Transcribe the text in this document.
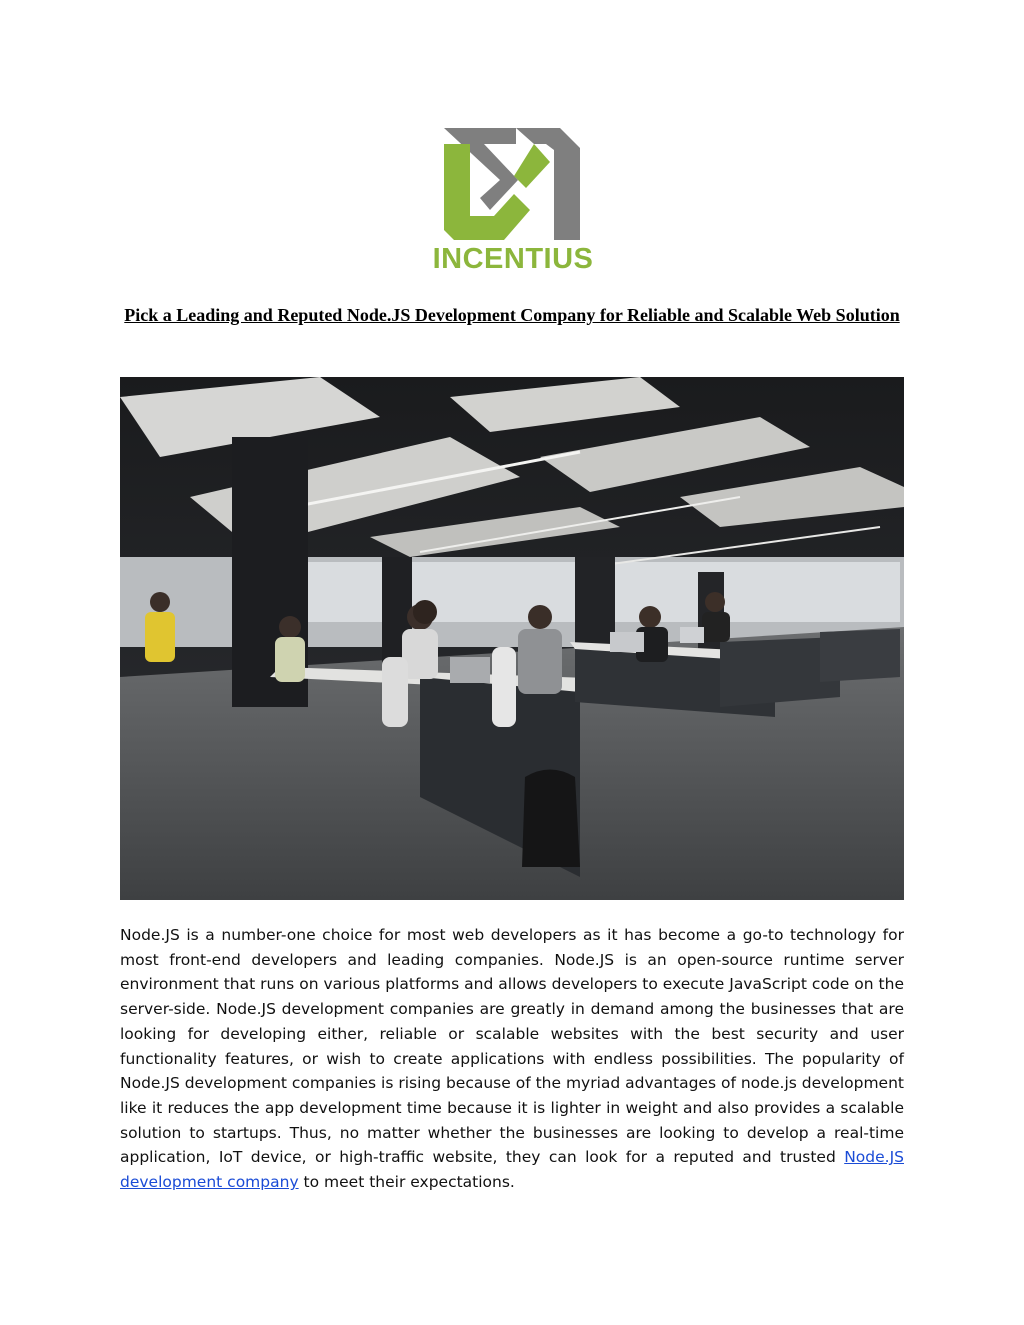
INCENTIUS
Pick a Leading and Reputed Node.JS Development Company for Reliable and Scalable Web Solution
Node.JS is a number-one choice for most web developers as it has become a go-to technology for most front-end developers and leading companies. Node.JS is an open-source runtime server environment that runs on various platforms and allows developers to execute JavaScript code on the server-side. Node.JS development companies are greatly in demand among the businesses that are looking for developing either, reliable or scalable websites with the best security and user functionality features, or wish to create applications with endless possibilities. The popularity of Node.JS development companies is rising because of the myriad advantages of node.js development like it reduces the app development time because it is lighter in weight and also provides a scalable solution to startups. Thus, no matter whether the businesses are looking to develop a real-time application, IoT device, or high-traffic website, they can look for a reputed and trusted Node.JS development company to meet their expectations.
